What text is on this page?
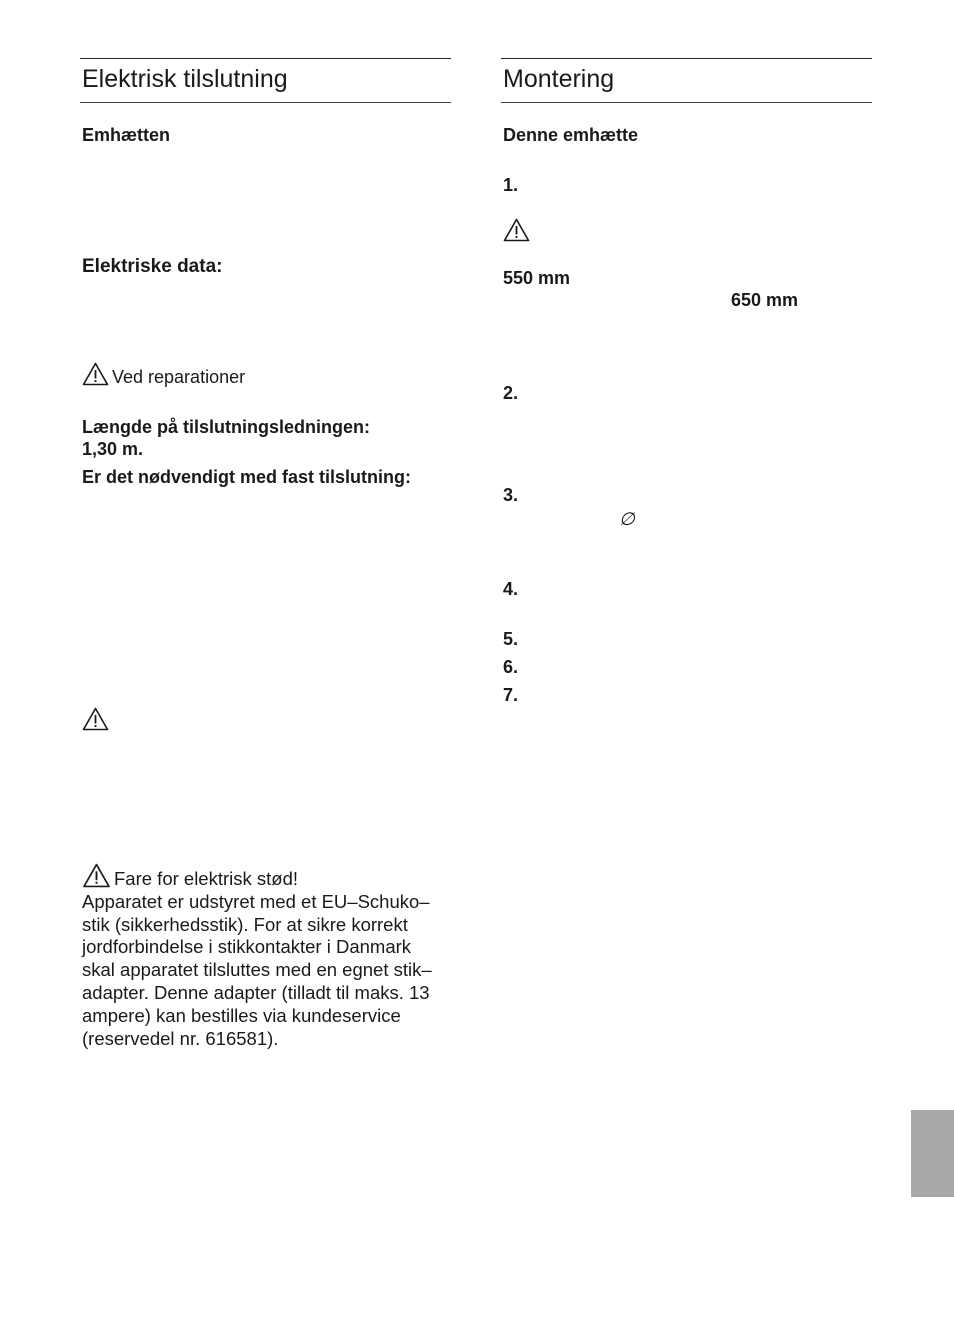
Elektrisk tilslutning
Emhætten
Elektriske data:
Ved reparationer
Længde på tilslutningsledningen:
1,30 m.
Er det nødvendigt med fast tilslutning:
Fare for elektrisk stød!
Apparatet er udstyret med et EU–Schuko–
stik (sikkerhedsstik). For at sikre korrekt
jordforbindelse i stikkontakter i Danmark
skal apparatet tilsluttes med en egnet stik–
adapter. Denne adapter (tilladt til maks. 13
ampere) kan bestilles via kundeservice
(reservedel nr. 616581).
Montering
Denne emhætte
1.
550 mm
650 mm
2.
3.
∅
4.
5.
6.
7.
